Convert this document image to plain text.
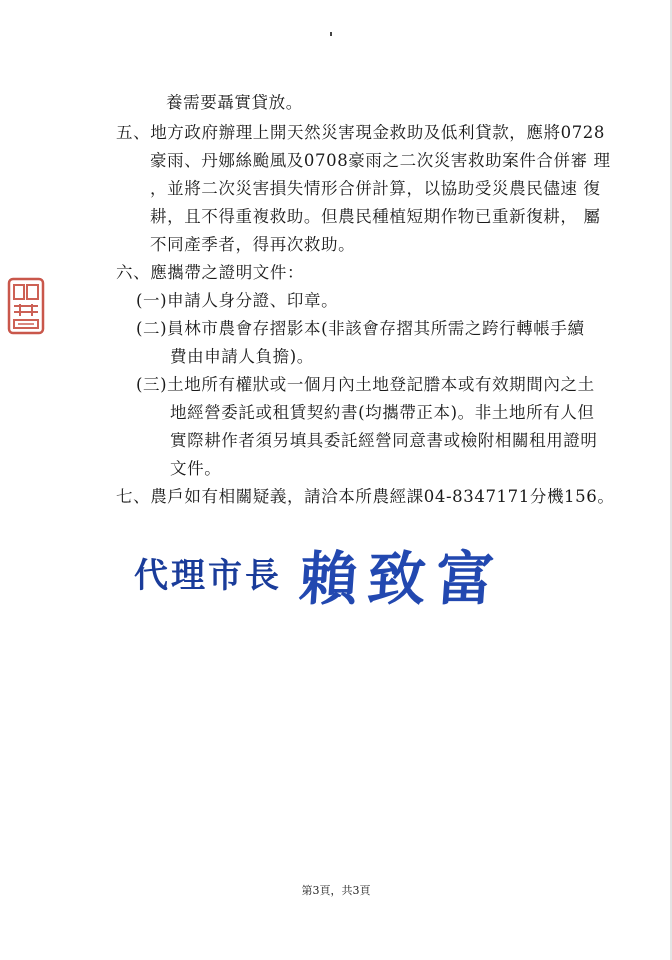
養需要聶實貸放。
五、地方政府辦理上開天然災害現金救助及低利貸款，應將0728
豪雨、丹娜絲颱風及0708豪雨之二次災害救助案件合併審 理
，並將二次災害損失情形合併計算，以協助受災農民儘速 復
耕，且不得重複救助。但農民種植短期作物已重新復耕， 屬
不同產季者，得再次救助。
六、應攜帶之證明文件：
(一)申請人身分證、印章。
(二)員林市農會存摺影本(非該會存摺其所需之跨行轉帳手續
費由申請人負擔)。
(三)土地所有權狀或一個月內土地登記謄本或有效期間內之土
地經營委託或租賃契約書(均攜帶正本)。非土地所有人但
實際耕作者須另填具委託經營同意書或檢附相關租用證明
文件。
七、農戶如有相關疑義，請洽本所農經課04-8347171分機156。
代理市長 賴致富
第3頁，共3頁
